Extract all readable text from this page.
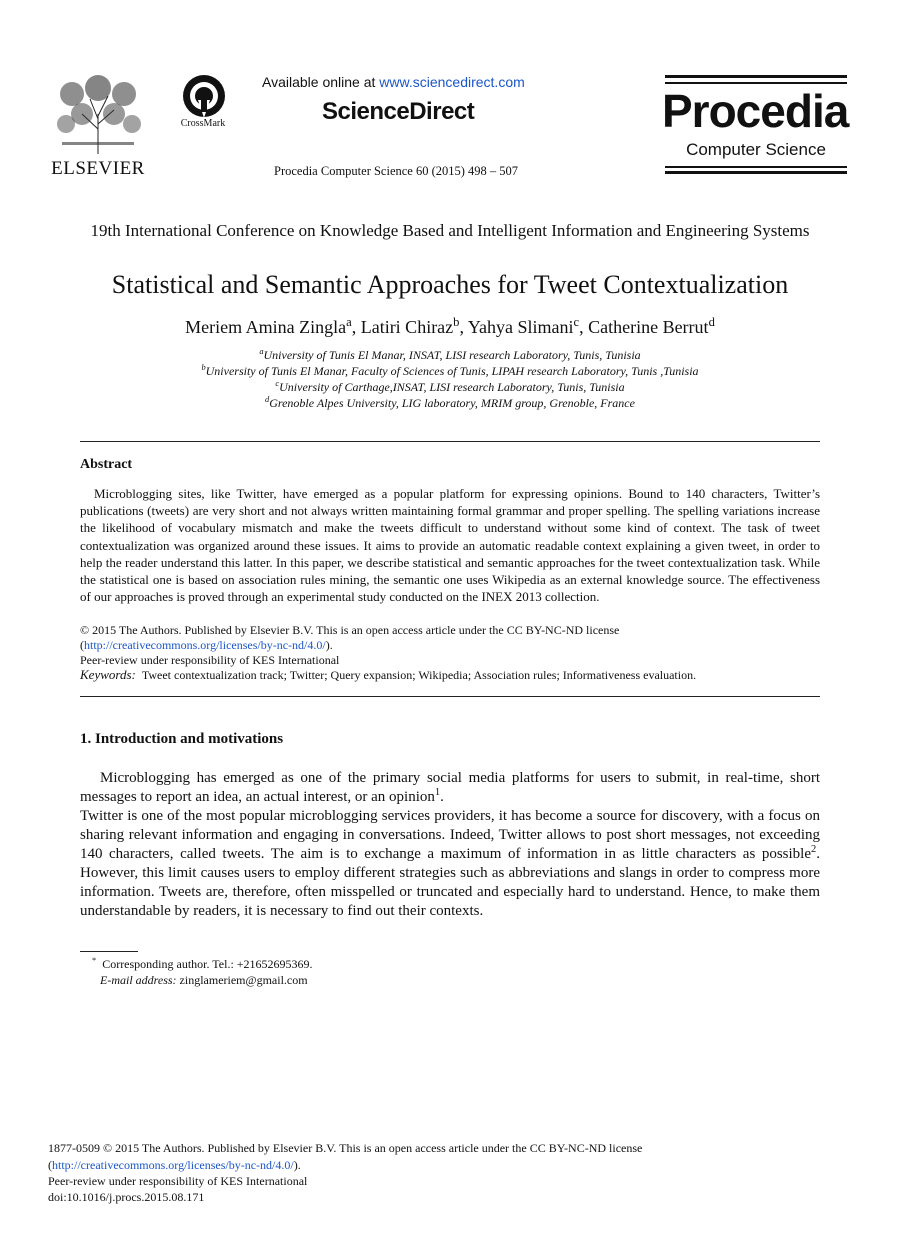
ELSEVIER
CrossMark
Available online at www.sciencedirect.com
ScienceDirect
Procedia Computer Science 60 (2015) 498 – 507
Procedia
Computer Science
19th International Conference on Knowledge Based and Intelligent Information and Engineering Systems
Statistical and Semantic Approaches for Tweet Contextualization
Meriem Amina Zingla$^a$, Latiri Chiraz$^b$, Yahya Slimani$^c$, Catherine Berrut$^d$
$^a$University of Tunis El Manar, INSAT, LISI research Laboratory, Tunis, Tunisia
$^b$University of Tunis El Manar, Faculty of Sciences of Tunis, LIPAH research Laboratory, Tunis ,Tunisia
$^c$University of Carthage,INSAT, LISI research Laboratory, Tunis, Tunisia
$^d$Grenoble Alpes University, LIG laboratory, MRIM group, Grenoble, France
Abstract
Microblogging sites, like Twitter, have emerged as a popular platform for expressing opinions. Bound to 140 characters, Twitter’s publications (tweets) are very short and not always written maintaining formal grammar and proper spelling. The spelling variations increase the likelihood of vocabulary mismatch and make the tweets difficult to understand without some kind of context. The task of tweet contextualization was organized around these issues. It aims to provide an automatic readable context explaining a given tweet, in order to help the reader understand this latter. In this paper, we describe statistical and semantic approaches for the tweet contextualization task. While the statistical one is based on association rules mining, the semantic one uses Wikipedia as an external knowledge source. The effectiveness of our approaches is proved through an experimental study conducted on the INEX 2013 collection.
© 2015 The Authors. Published by Elsevier B.V. This is an open access article under the CC BY-NC-ND license
(http://creativecommons.org/licenses/by-nc-nd/4.0/).
Peer-review under responsibility of KES International
Keywords: Tweet contextualization track; Twitter; Query expansion; Wikipedia; Association rules; Informativeness evaluation.
1. Introduction and motivations
Microblogging has emerged as one of the primary social media platforms for users to submit, in real-time, short messages to report an idea, an actual interest, or an opinion$^1$.
Twitter is one of the most popular microblogging services providers, it has become a source for discovery, with a focus on sharing relevant information and engaging in conversations. Indeed, Twitter allows to post short messages, not exceeding 140 characters, called tweets. The aim is to exchange a maximum of information in as little characters as possible$^2$. However, this limit causes users to employ different strategies such as abbreviations and slangs in order to compress more information. Tweets are, therefore, often misspelled or truncated and especially hard to understand. Hence, to make them understandable by readers, it is necessary to find out their contexts.
* Corresponding author. Tel.: +21652695369.
E-mail address: zinglameriem@gmail.com
1877-0509 © 2015 The Authors. Published by Elsevier B.V. This is an open access article under the CC BY-NC-ND license
(http://creativecommons.org/licenses/by-nc-nd/4.0/).
Peer-review under responsibility of KES International
doi:10.1016/j.procs.2015.08.171
